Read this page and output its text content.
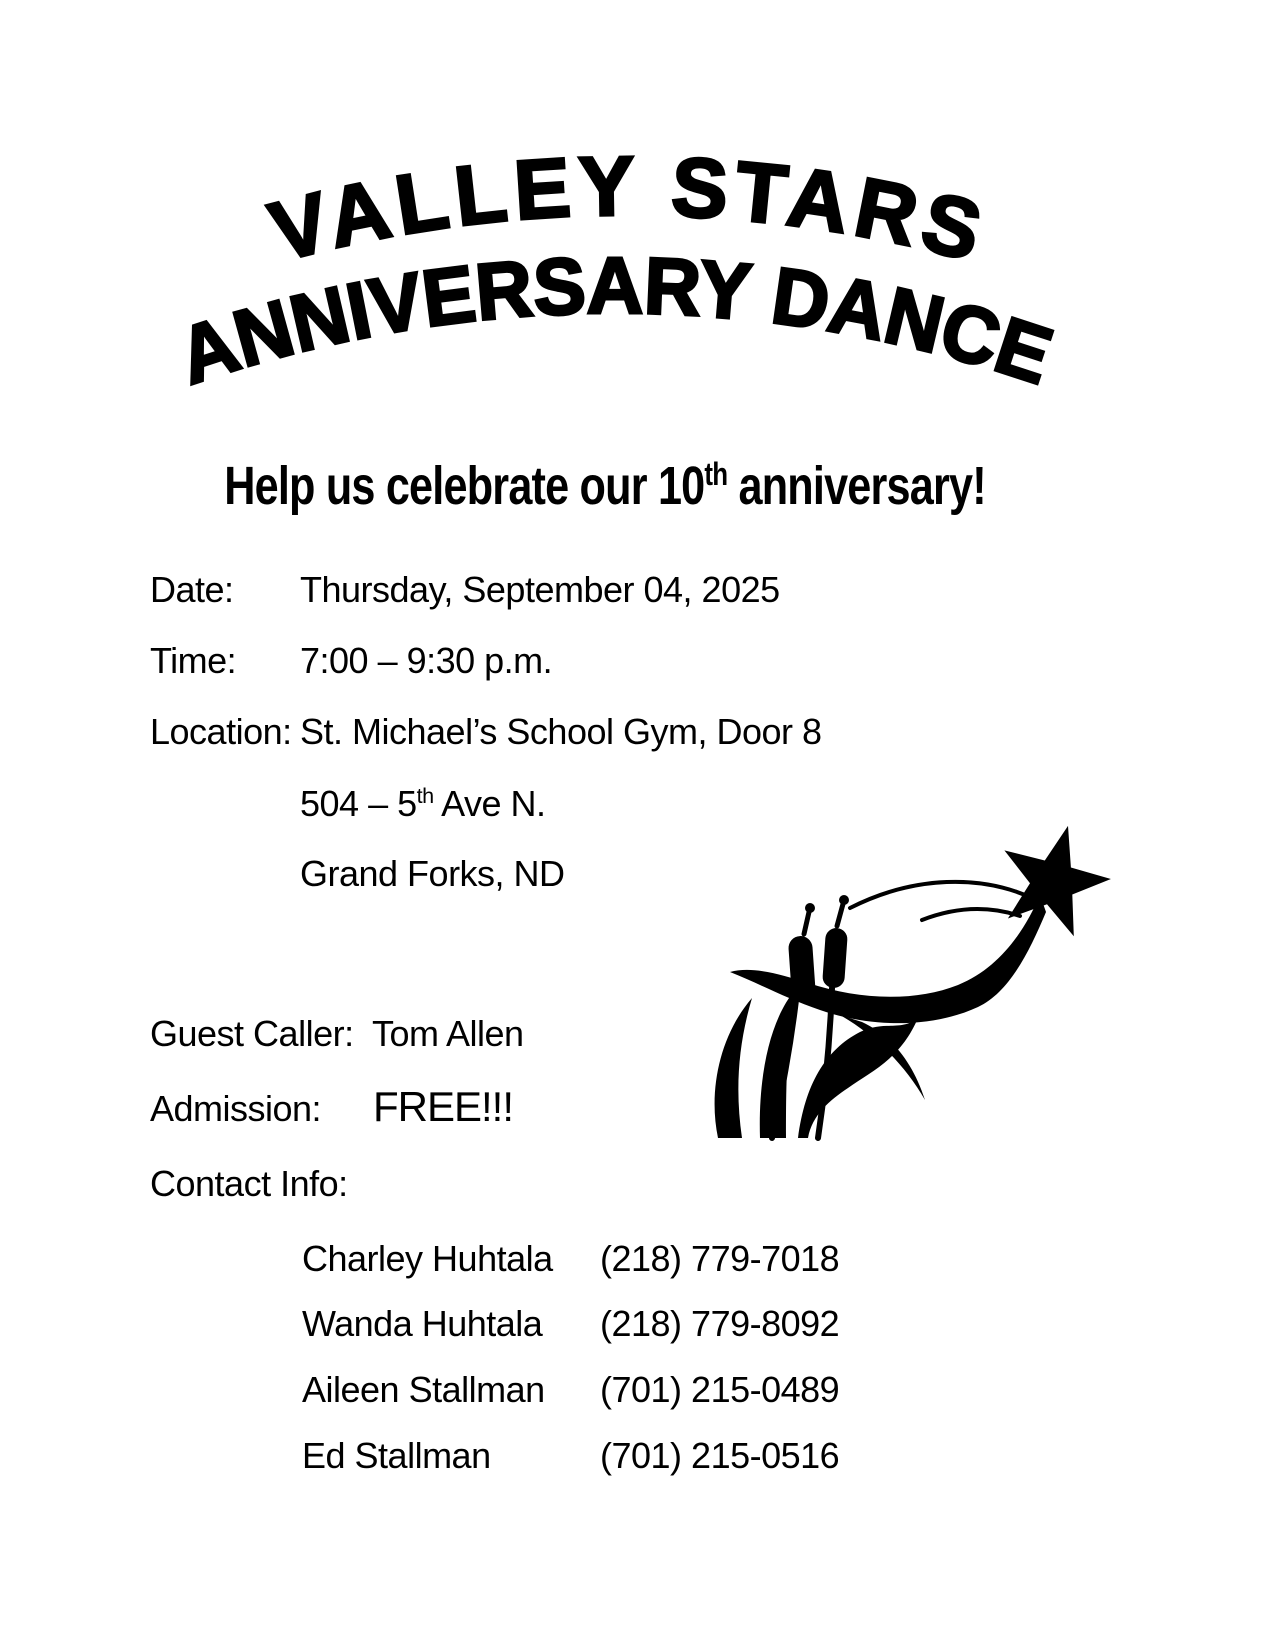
VALLEY STARS
ANNIVERSARY DANCE
Help us celebrate our 10th anniversary!
Date: Thursday, September 04, 2025
Time: 7:00 – 9:30 p.m.
Location: St. Michael’s School Gym, Door 8
504 – 5th Ave N.
Grand Forks, ND
Guest Caller: Tom Allen
Admission: FREE!!!
Contact Info:
Charley Huhtala (218) 779-7018
Wanda Huhtala (218) 779-8092
Aileen Stallman (701) 215-0489
Ed Stallman	(701) 215-0516
